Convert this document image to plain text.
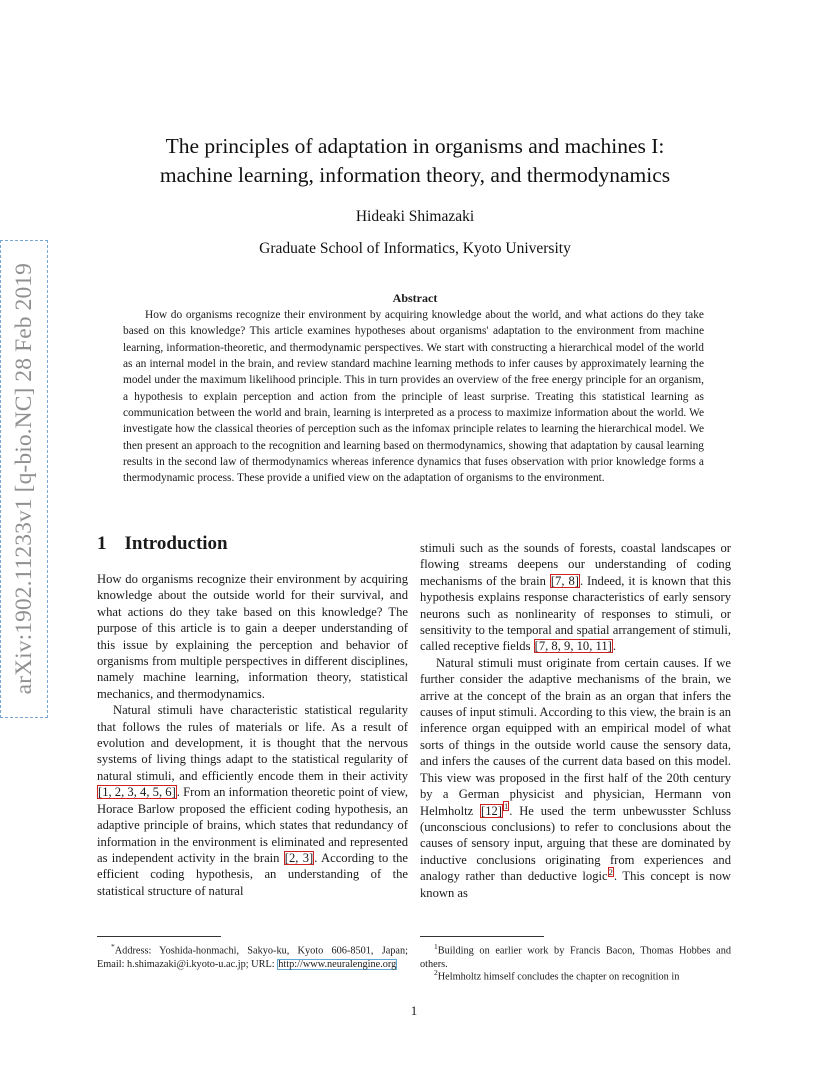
arXiv:1902.11233v1 [q-bio.NC] 28 Feb 2019
The principles of adaptation in organisms and machines I:
machine learning, information theory, and thermodynamics
Hideaki Shimazaki
Graduate School of Informatics, Kyoto University
Abstract

How do organisms recognize their environment by acquiring knowledge about the world, and what actions do they take based on this knowledge? This article examines hypotheses about organisms' adaptation to the environment from machine learning, information-theoretic, and thermodynamic perspectives. We start with constructing a hierarchical model of the world as an internal model in the brain, and review standard machine learning methods to infer causes by approximately learning the model under the maximum likelihood principle. This in turn provides an overview of the free energy principle for an organism, a hypothesis to explain perception and action from the principle of least surprise. Treating this statistical learning as communication between the world and brain, learning is interpreted as a process to maximize information about the world. We investigate how the classical theories of perception such as the infomax principle relates to learning the hierarchical model. We then present an approach to the recognition and learning based on thermodynamics, showing that adaptation by causal learning results in the second law of thermodynamics whereas inference dynamics that fuses observation with prior knowledge forms a thermodynamic process. These provide a unified view on the adaptation of organisms to the environment.

1 Introduction

How do organisms recognize their environment by acquiring knowledge about the outside world for their survival, and what actions do they take based on this knowledge? The purpose of this article is to gain a deeper understanding of this issue by explaining the perception and behavior of organisms from multiple perspectives in different disciplines, namely machine learning, information theory, statistical mechanics, and thermodynamics.

Natural stimuli have characteristic statistical regularity that follows the rules of materials or life. As a result of evolution and development, it is thought that the nervous systems of living things adapt to the statistical regularity of natural stimuli, and efficiently encode them in their activity [1, 2, 3, 4, 5, 6]. From an information theoretic point of view, Horace Barlow proposed the efficient coding hypothesis, an adaptive principle of brains, which states that redundancy of information in the environment is eliminated and represented as independent activity in the brain [2, 3]. According to the efficient coding hypothesis, an understanding of the statistical structure of natural

stimuli such as the sounds of forests, coastal landscapes or flowing streams deepens our understanding of coding mechanisms of the brain [7, 8]. Indeed, it is known that this hypothesis explains response characteristics of early sensory neurons such as nonlinearity of responses to stimuli, or sensitivity to the temporal and spatial arrangement of stimuli, called receptive fields [7, 8, 9, 10, 11].

Natural stimuli must originate from certain causes. If we further consider the adaptive mechanisms of the brain, we arrive at the concept of the brain as an organ that infers the causes of input stimuli. According to this view, the brain is an inference organ equipped with an empirical model of what sorts of things in the outside world cause the sensory data, and infers the causes of the current data based on this model. This view was proposed in the first half of the 20th century by a German physicist and physician, Hermann von Helmholtz [12] $^1$. He used the term unbewusster Schluss (unconscious conclusions) to refer to conclusions about the causes of sensory input, arguing that these are dominated by inductive conclusions originating from experiences and analogy rather than deductive logic$^2$. This concept is now known as

*Address: Yoshida-honmachi, Sakyo-ku, Kyoto 606-8501, Japan; Email: h.shimazaki@i.kyoto-u.ac.jp; URL: http://www.neuralengine.org

$^1$Building on earlier work by Francis Bacon, Thomas Hobbes and others.

$^2$Helmholtz himself concludes the chapter on recognition in

1
